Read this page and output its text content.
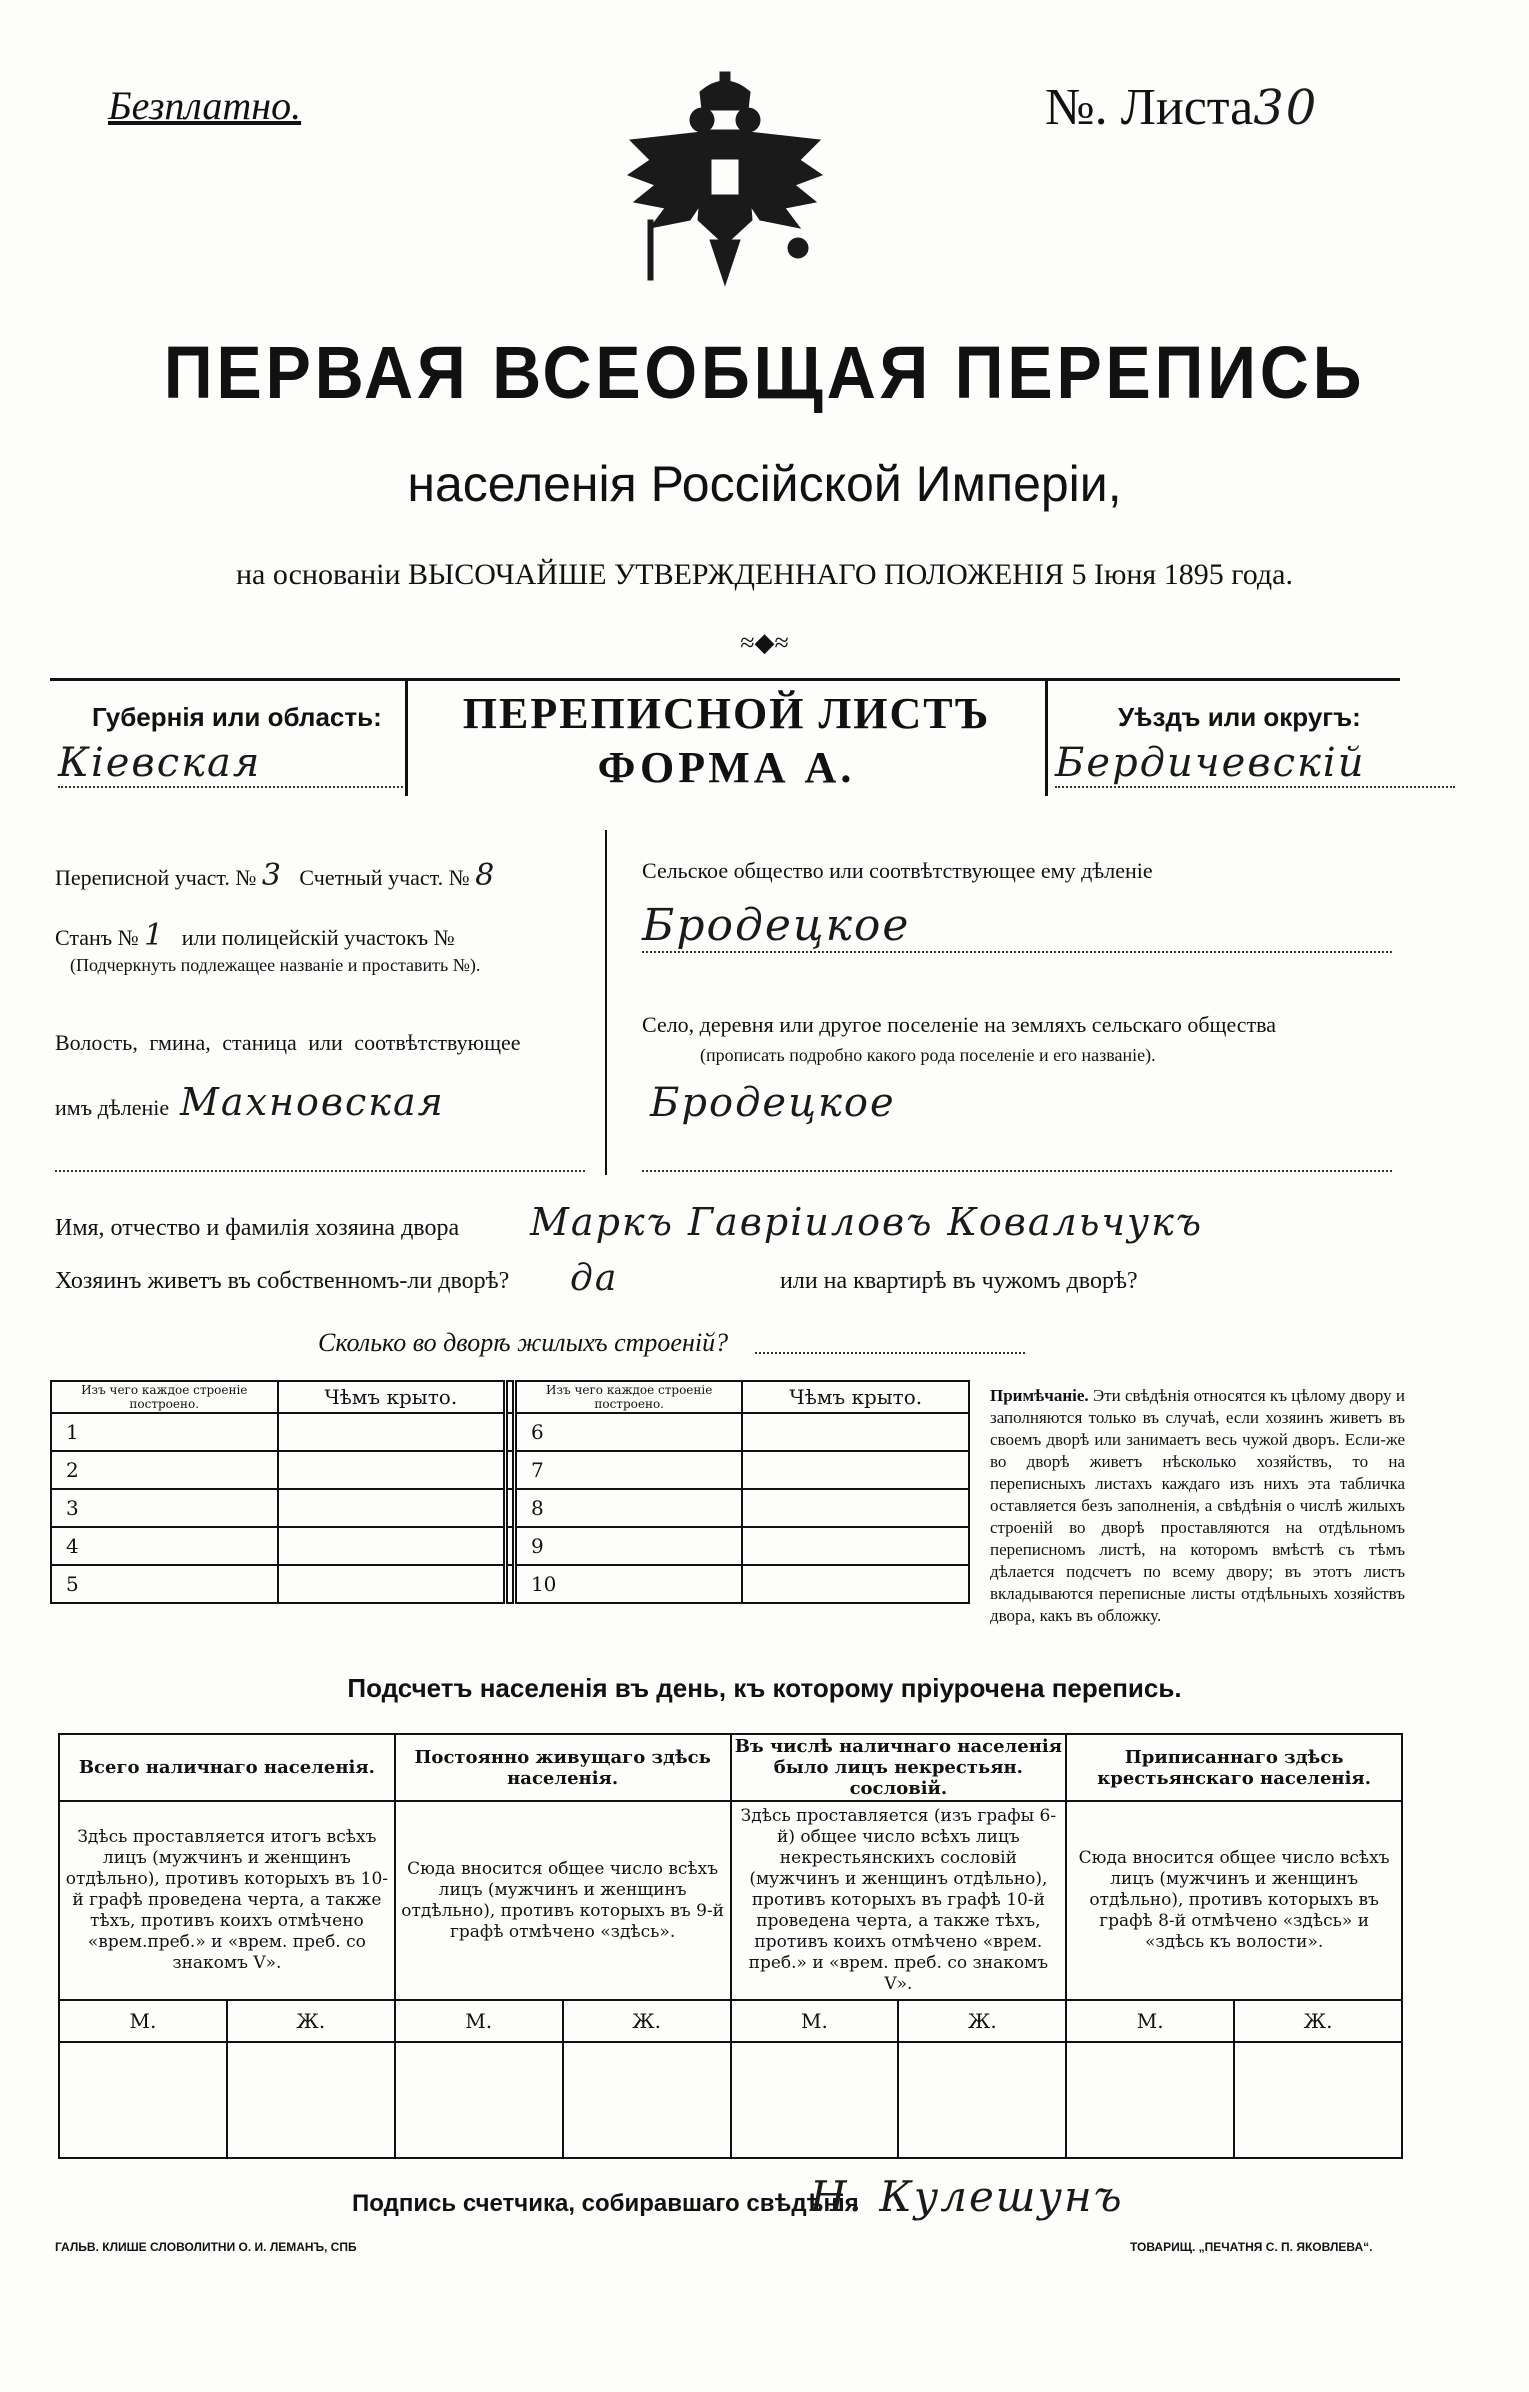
Безплатно.	№. Листа30
ПЕРВАЯ ВСЕОБЩАЯ ПЕРЕПИСЬ
населенія Россійской Имперіи,
на основаніи ВЫСОЧАЙШЕ УТВЕРЖДЕННАГО ПОЛОЖЕНІЯ 5 Іюня 1895 года.
≈◆≈
Губернія или область:
Кіевская
ПЕРЕПИСНОЙ ЛИСТЪ
ФОРМА А.
Уѣздъ или округъ:
Бердичевскій
Переписной участ. № 3 Счетный участ. № 8
Станъ № 1 или полицейскій участокъ №
(Подчеркнуть подлежащее названіе и проставить №).
Волость, гмина, станица или соотвѣтствующее
имъ дѣленіе Махновская
Сельское общество или соотвѣтствующее ему дѣленіе
Бродецкое
Село, деревня или другое поселеніе на земляхъ сельскаго общества
(прописать подробно какого рода поселеніе и его названіе).
Бродецкое
Имя, отчество и фамилія хозяина двора Маркъ Гавріиловъ Ковальчукъ
Хозяинъ живетъ въ собственномъ-ли дворѣ? да	или на квартирѣ въ чужомъ дворѣ?
Сколько во дворѣ жилыхъ строеній?
Изъ чего каждое строеніе построено.	Чѣмъ крыто.		Изъ чего каждое строеніе построено.	Чѣмъ крыто.
1			6	
2			7	
3			8	
4			9	
5			10	
Примѣчаніе. Эти свѣдѣнія относятся къ цѣлому двору и заполняются только въ случаѣ, если хозяинъ живетъ въ своемъ дворѣ или занимаетъ весь чужой дворъ. Если-же во дворѣ живетъ нѣсколько хозяйствъ, то на переписныхъ листахъ каждаго изъ нихъ эта табличка оставляется безъ заполненія, а свѣдѣнія о числѣ жилыхъ строеній во дворѣ проставляются на отдѣльномъ переписномъ листѣ, на которомъ вмѣстѣ съ тѣмъ дѣлается подсчетъ по всему двору; въ этотъ листъ вкладываются переписные листы отдѣльныхъ хозяйствъ двора, какъ въ обложку.
Подсчетъ населенія въ день, къ которому пріурочена перепись.
Всего наличнаго населенія.		Постоянно живущаго здѣсь населенія.		Въ числѣ наличнаго населенія было лицъ некрестьян. сословій.		Приписаннаго здѣсь крестьянскаго населенія.	
Здѣсь проставляется итогъ всѣхъ лицъ (мужчинъ и женщинъ отдѣльно), противъ которыхъ въ 10-й графѣ проведена черта, а также тѣхъ, противъ коихъ отмѣчено «врем.преб.» и «врем. преб. со знакомъ V».		Сюда вносится общее число всѣхъ лицъ (мужчинъ и женщинъ отдѣльно), противъ которыхъ въ 9-й графѣ отмѣчено «здѣсь».		Здѣсь проставляется (изъ графы 6-й) общее число всѣхъ лицъ некрестьянскихъ сословій (мужчинъ и женщинъ отдѣльно), противъ которыхъ въ графѣ 10-й проведена черта, а также тѣхъ, противъ коихъ отмѣчено «врем. преб.» и «врем. преб. со знакомъ V».		Сюда вносится общее число всѣхъ лицъ (мужчинъ и женщинъ отдѣльно), противъ которыхъ въ графѣ 8-й отмѣчено «здѣсь» и «здѣсь къ волости».	
М.	Ж.	М.	Ж.	М.	Ж.	М.	Ж.

Подпись счетчика, собиравшаго свѣдѣнія
Н. Кулешунъ
ГАЛЬВ. КЛИШЕ СЛОВОЛИТНИ О. И. ЛЕМАНЪ, СПБ	ТОВАРИЩ. „ПЕЧАТНЯ С. П. ЯКОВЛЕВА“.
